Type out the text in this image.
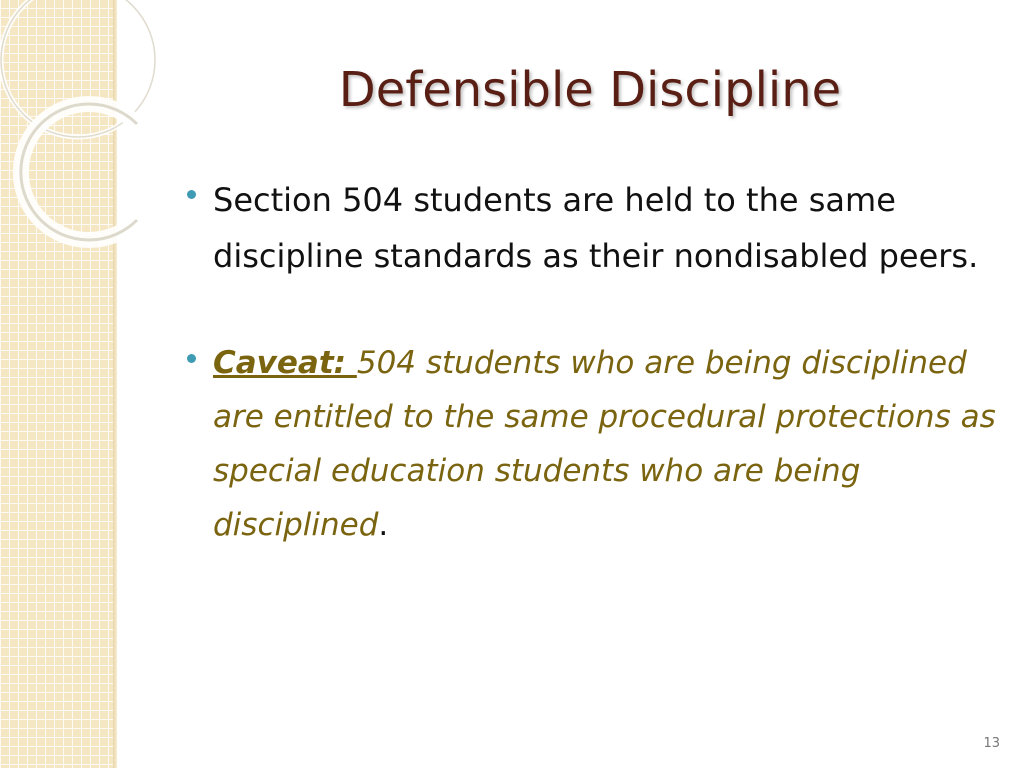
Defensible Discipline
Section 504 students are held to the same discipline standards as their nondisabled peers.
Caveat: 504 students who are being disciplined are entitled to the same procedural protections as special education students who are being disciplined.
13
